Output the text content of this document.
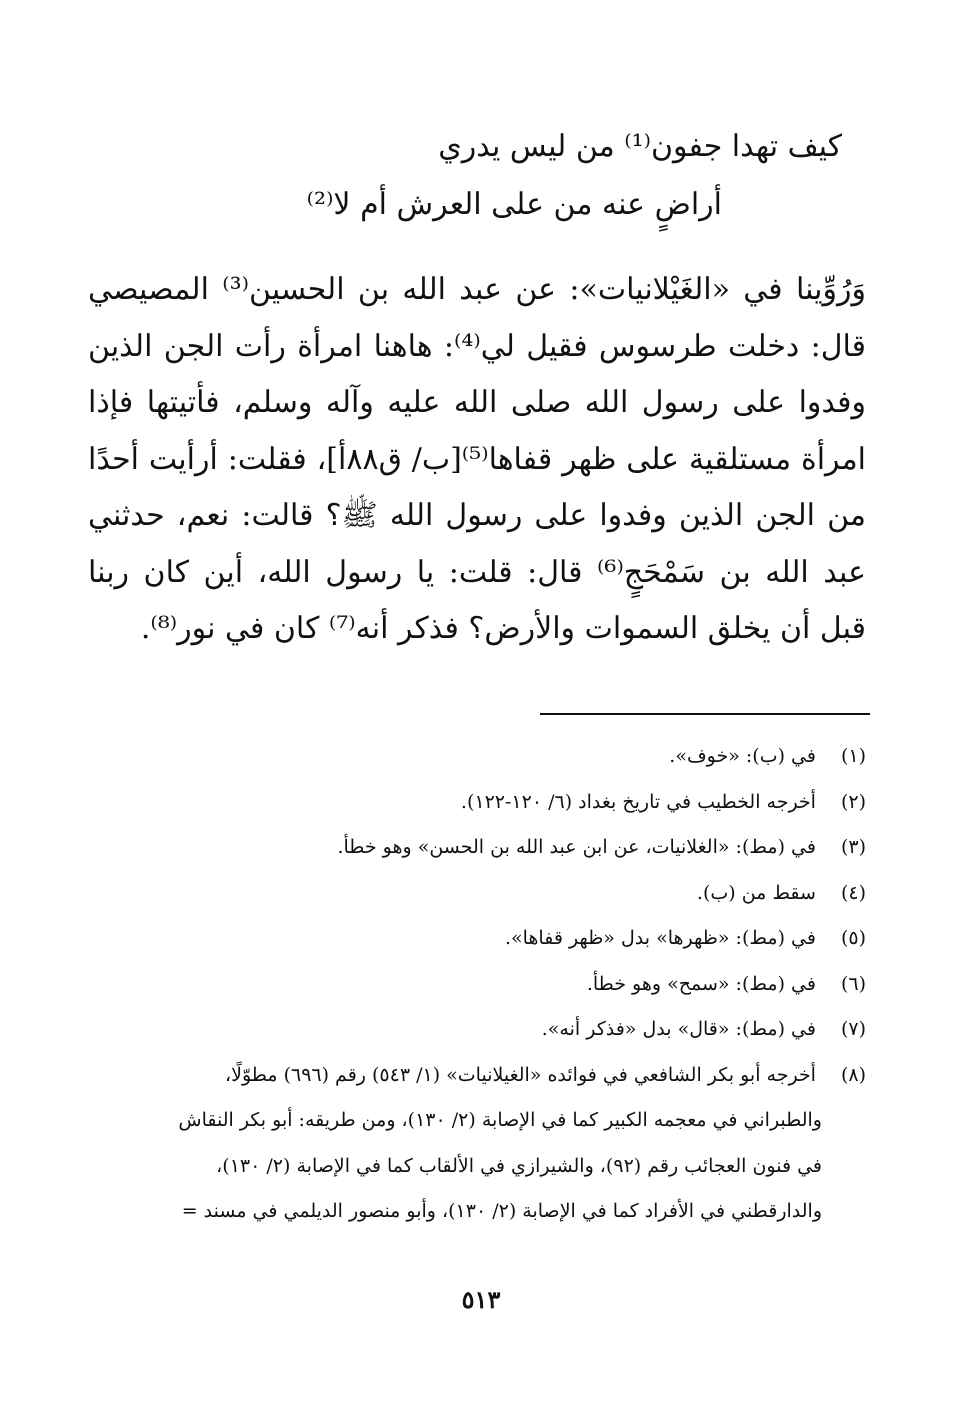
كيف تهدا جفون⁽¹⁾ من ليس يدري
أراضٍ عنه من على العرش أم لا⁽²⁾
وَرُوِّينا في «الغَيْلانيات»: عن عبد الله بن الحسين⁽³⁾ المصيصي قال: دخلت طرسوس فقيل لي⁽⁴⁾: هاهنا امرأة رأت الجن الذين وفدوا على رسول الله صلى الله عليه وآله وسلم، فأتيتها فإذا امرأة مستلقية على ظهر قفاها⁽⁵⁾[ب/ ق٨٨أ]، فقلت: أرأيت أحدًا من الجن الذين وفدوا على رسول الله ﷺ؟ قالت: نعم، حدثني عبد الله بن سَمْحَجٍ⁽⁶⁾ قال: قلت: يا رسول الله، أين كان ربنا قبل أن يخلق السموات والأرض؟ فذكر أنه⁽⁷⁾ كان في نور⁽⁸⁾.
(١) في (ب): «خوف».
(٢) أخرجه الخطيب في تاريخ بغداد (٦/ ١٢٠-١٢٢).
(٣) في (مط): «الغلانيات، عن ابن عبد الله بن الحسن» وهو خطأ.
(٤) سقط من (ب).
(٥) في (مط): «ظهرها» بدل «ظهر قفاها».
(٦) في (مط): «سمح» وهو خطأ.
(٧) في (مط): «قال» بدل «فذكر أنه».
(٨) أخرجه أبو بكر الشافعي في فوائده «الغيلانيات» (١/ ٥٤٣) رقم (٦٩٦) مطوّلًا،
والطبراني في معجمه الكبير كما في الإصابة (٢/ ١٣٠)، ومن طريقه: أبو بكر النقاش
في فنون العجائب رقم (٩٢)، والشيرازي في الألقاب كما في الإصابة (٢/ ١٣٠)،
والدارقطني في الأفراد كما في الإصابة (٢/ ١٣٠)، وأبو منصور الديلمي في مسند =
٥١٣
